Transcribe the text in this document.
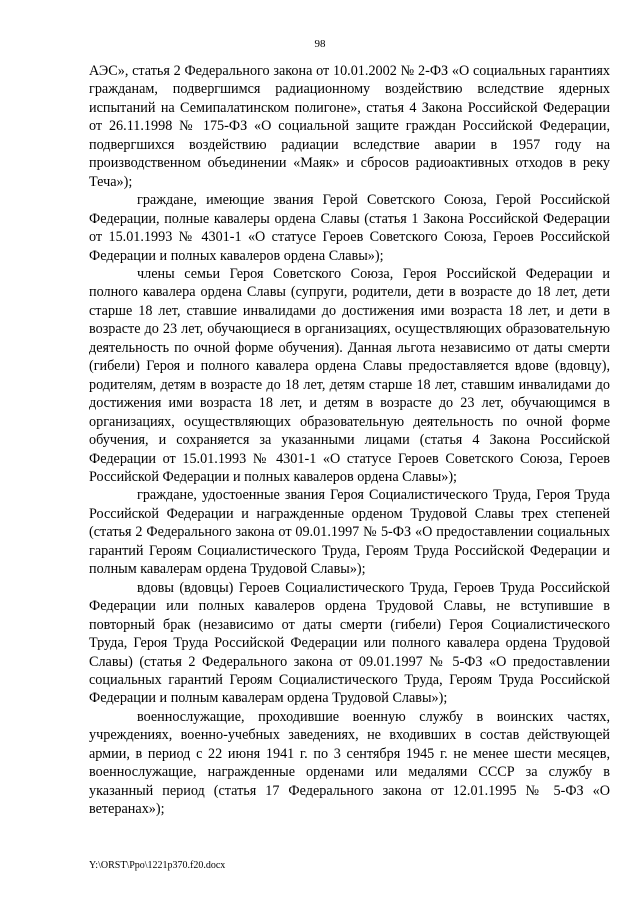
98

АЭС», статья 2 Федерального закона от 10.01.2002 № 2-ФЗ «О социальных гарантиях гражданам, подвергшимся радиационному воздействию вследствие ядерных испытаний на Семипалатинском полигоне», статья 4 Закона Российской Федерации от 26.11.1998 № 175-ФЗ «О социальной защите граждан Российской Федерации, подвергшихся воздействию радиации вследствие аварии в 1957 году на производственном объединении «Маяк» и сбросов радиоактивных отходов в реку Теча»);

граждане, имеющие звания Герой Советского Союза, Герой Российской Федерации, полные кавалеры ордена Славы (статья 1 Закона Российской Федерации от 15.01.1993 № 4301-1 «О статусе Героев Советского Союза, Героев Российской Федерации и полных кавалеров ордена Славы»);

члены семьи Героя Советского Союза, Героя Российской Федерации и полного кавалера ордена Славы (супруги, родители, дети в возрасте до 18 лет, дети старше 18 лет, ставшие инвалидами до достижения ими возраста 18 лет, и дети в возрасте до 23 лет, обучающиеся в организациях, осуществляющих образовательную деятельность по очной форме обучения). Данная льгота независимо от даты смерти (гибели) Героя и полного кавалера ордена Славы предоставляется вдове (вдовцу), родителям, детям в возрасте до 18 лет, детям старше 18 лет, ставшим инвалидами до достижения ими возраста 18 лет, и детям в возрасте до 23 лет, обучающимся в организациях, осуществляющих образовательную деятельность по очной форме обучения, и сохраняется за указанными лицами (статья 4 Закона Российской Федерации от 15.01.1993 № 4301-1 «О статусе Героев Советского Союза, Героев Российской Федерации и полных кавалеров ордена Славы»);

граждане, удостоенные звания Героя Социалистического Труда, Героя Труда Российской Федерации и награжденные орденом Трудовой Славы трех степеней (статья 2 Федерального закона от 09.01.1997 № 5-ФЗ «О предоставлении социальных гарантий Героям Социалистического Труда, Героям Труда Российской Федерации и полным кавалерам ордена Трудовой Славы»);

вдовы (вдовцы) Героев Социалистического Труда, Героев Труда Российской Федерации или полных кавалеров ордена Трудовой Славы, не вступившие в повторный брак (независимо от даты смерти (гибели) Героя Социалистического Труда, Героя Труда Российской Федерации или полного кавалера ордена Трудовой Славы) (статья 2 Федерального закона от 09.01.1997 № 5-ФЗ «О предоставлении социальных гарантий Героям Социалистического Труда, Героям Труда Российской Федерации и полным кавалерам ордена Трудовой Славы»);

военнослужащие, проходившие военную службу в воинских частях, учреждениях, военно-учебных заведениях, не входивших в состав действующей армии, в период с 22 июня 1941 г. по 3 сентября 1945 г. не менее шести месяцев, военнослужащие, награжденные орденами или медалями СССР за службу в указанный период (статья 17 Федерального закона от 12.01.1995 № 5-ФЗ «О ветеранах»);

Y:\ORST\Ppo\1221p370.f20.docx
